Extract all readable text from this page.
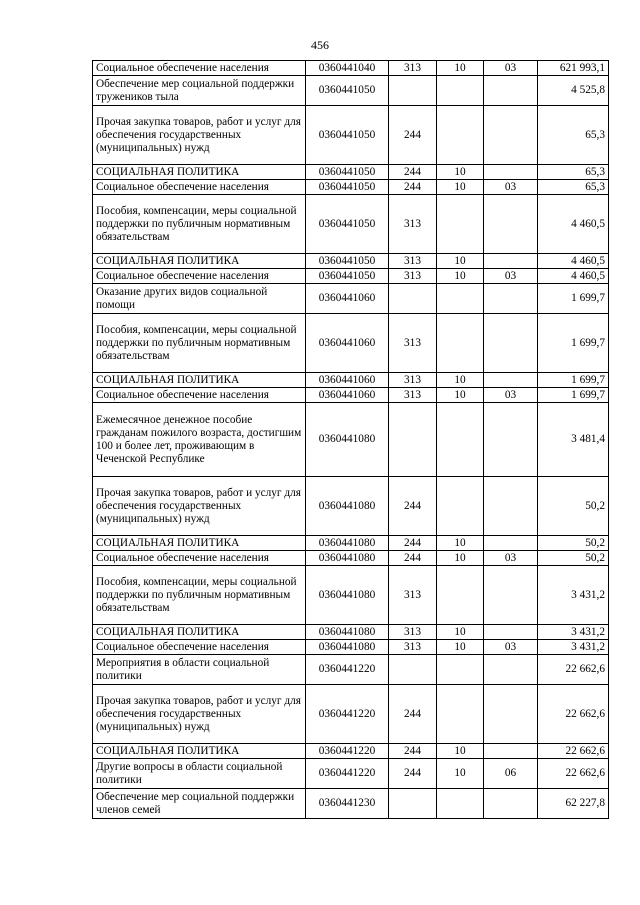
456
Социальное обеспечение населения	0360441040	313	10	03	621 993,1
Обеспечение мер социальной поддержки тружеников тыла	0360441050				4 525,8
Прочая закупка товаров, работ и услуг для обеспечения государственных (муниципальных) нужд	0360441050	244			65,3
СОЦИАЛЬНАЯ ПОЛИТИКА	0360441050	244	10		65,3
Социальное обеспечение населения	0360441050	244	10	03	65,3
Пособия, компенсации, меры социальной поддержки по публичным нормативным обязательствам	0360441050	313			4 460,5
СОЦИАЛЬНАЯ ПОЛИТИКА	0360441050	313	10		4 460,5
Социальное обеспечение населения	0360441050	313	10	03	4 460,5
Оказание других видов социальной помощи	0360441060				1 699,7
Пособия, компенсации, меры социальной поддержки по публичным нормативным обязательствам	0360441060	313			1 699,7
СОЦИАЛЬНАЯ ПОЛИТИКА	0360441060	313	10		1 699,7
Социальное обеспечение населения	0360441060	313	10	03	1 699,7
Ежемесячное денежное пособие гражданам пожилого возраста, достигшим 100 и более лет, проживающим в Чеченской Республике	0360441080				3 481,4
Прочая закупка товаров, работ и услуг для обеспечения государственных (муниципальных) нужд	0360441080	244			50,2
СОЦИАЛЬНАЯ ПОЛИТИКА	0360441080	244	10		50,2
Социальное обеспечение населения	0360441080	244	10	03	50,2
Пособия, компенсации, меры социальной поддержки по публичным нормативным обязательствам	0360441080	313			3 431,2
СОЦИАЛЬНАЯ ПОЛИТИКА	0360441080	313	10		3 431,2
Социальное обеспечение населения	0360441080	313	10	03	3 431,2
Мероприятия в области социальной политики	0360441220				22 662,6
Прочая закупка товаров, работ и услуг для обеспечения государственных (муниципальных) нужд	0360441220	244			22 662,6
СОЦИАЛЬНАЯ ПОЛИТИКА	0360441220	244	10		22 662,6
Другие вопросы в области социальной политики	0360441220	244	10	06	22 662,6
Обеспечение мер социальной поддержки членов семей	0360441230				62 227,8
